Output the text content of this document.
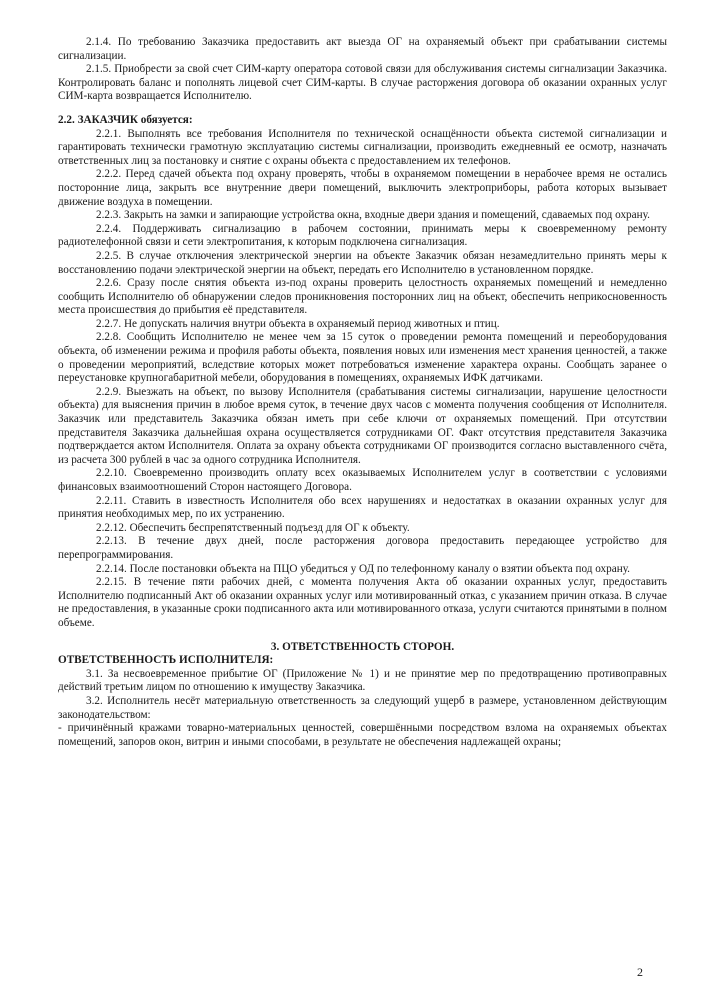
2.1.4. По требованию Заказчика предоставить акт выезда ОГ на охраняемый объект при срабатывании системы сигнализации.

2.1.5. Приобрести за свой счет СИМ-карту оператора сотовой связи для обслуживания системы сигнализации Заказчика. Контролировать баланс и пополнять лицевой счет СИМ-карты. В случае расторжения договора об оказании охранных услуг СИМ-карта возвращается Исполнителю.

2.2. ЗАКАЗЧИК обязуется:

2.2.1. Выполнять все требования Исполнителя по технической оснащённости объекта системой сигнализации и гарантировать технически грамотную эксплуатацию системы сигнализации, производить ежедневный ее осмотр, назначать ответственных лиц за постановку и снятие с охраны объекта с предоставлением их телефонов.

2.2.2. Перед сдачей объекта под охрану проверять, чтобы в охраняемом помещении в нерабочее время не остались посторонние лица, закрыть все внутренние двери помещений, выключить электроприборы, работа которых вызывает движение воздуха в помещении.

2.2.3. Закрыть на замки и запирающие устройства окна, входные двери здания и помещений, сдаваемых под охрану.

2.2.4. Поддерживать сигнализацию в рабочем состоянии, принимать меры к своевременному ремонту радиотелефонной связи и сети электропитания, к которым подключена сигнализация.

2.2.5. В случае отключения электрической энергии на объекте Заказчик обязан незамедлительно принять меры к восстановлению подачи электрической энергии на объект, передать его Исполнителю в установленном порядке.

2.2.6. Сразу после снятия объекта из-под охраны проверить целостность охраняемых помещений и немедленно сообщить Исполнителю об обнаружении следов проникновения посторонних лиц на объект, обеспечить неприкосновенность места происшествия до прибытия её представителя.

2.2.7. Не допускать наличия внутри объекта в охраняемый период животных и птиц.

2.2.8. Сообщить Исполнителю не менее чем за 15 суток о проведении ремонта помещений и переоборудования объекта, об изменении режима и профиля работы объекта, появления новых или изменения мест хранения ценностей, а также о проведении мероприятий, вследствие которых может потребоваться изменение характера охраны. Сообщать заранее о переустановке крупногабаритной мебели, оборудования в помещениях, охраняемых ИФК датчиками.

2.2.9. Выезжать на объект, по вызову Исполнителя (срабатывания системы сигнализации, нарушение целостности объекта) для выяснения причин в любое время суток, в течение двух часов с момента получения сообщения от Исполнителя. Заказчик или представитель Заказчика обязан иметь при себе ключи от охраняемых помещений. При отсутствии представителя Заказчика дальнейшая охрана осуществляется сотрудниками ОГ. Факт отсутствия представителя Заказчика подтверждается актом Исполнителя. Оплата за охрану объекта сотрудниками ОГ производится согласно выставленного счёта, из расчета 300 рублей в час за одного сотрудника Исполнителя.

2.2.10. Своевременно производить оплату всех оказываемых Исполнителем услуг в соответствии с условиями финансовых взаимоотношений Сторон настоящего Договора.

2.2.11. Ставить в известность Исполнителя обо всех нарушениях и недостатках в оказании охранных услуг для принятия необходимых мер, по их устранению.

2.2.12. Обеспечить беспрепятственный подъезд для ОГ к объекту.

2.2.13. В течение двух дней, после расторжения договора предоставить передающее устройство для перепрограммирования.

2.2.14. После постановки объекта на ПЦО убедиться у ОД по телефонному каналу о взятии объекта под охрану.

2.2.15. В течение пяти рабочих дней, с момента получения Акта об оказании охранных услуг, предоставить Исполнителю подписанный Акт об оказании охранных услуг или мотивированный отказ, с указанием причин отказа. В случае не предоставления, в указанные сроки подписанного акта или мотивированного отказа, услуги считаются принятыми в полном объеме.

3. ОТВЕТСТВЕННОСТЬ СТОРОН.

ОТВЕТСТВЕННОСТЬ ИСПОЛНИТЕЛЯ:

3.1. За несвоевременное прибытие ОГ (Приложение № 1) и не принятие мер по предотвращению противоправных действий третьим лицом по отношению к имуществу Заказчика.

3.2. Исполнитель несёт материальную ответственность за следующий ущерб в размере, установленном действующим законодательством:

- причинённый кражами товарно-материальных ценностей, совершёнными посредством взлома на охраняемых объектах помещений, запоров окон, витрин и иными способами, в результате не обеспечения надлежащей охраны;

2
